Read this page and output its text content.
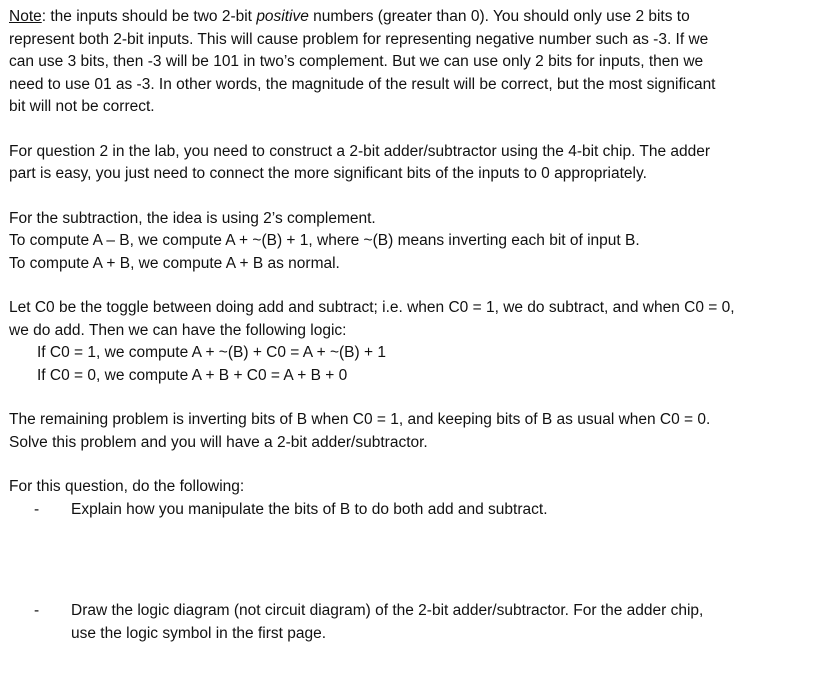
Note: the inputs should be two 2-bit positive numbers (greater than 0). You should only use 2 bits to
represent both 2-bit inputs. This will cause problem for representing negative number such as -3. If we
can use 3 bits, then -3 will be 101 in two’s complement. But we can use only 2 bits for inputs, then we
need to use 01 as -3. In other words, the magnitude of the result will be correct, but the most significant
bit will not be correct.
For question 2 in the lab, you need to construct a 2-bit adder/subtractor using the 4-bit chip. The adder
part is easy, you just need to connect the more significant bits of the inputs to 0 appropriately.
For the subtraction, the idea is using 2’s complement.
To compute A – B, we compute A + ~(B) + 1, where ~(B) means inverting each bit of input B.
To compute A + B, we compute A + B as normal.
Let C0 be the toggle between doing add and subtract; i.e. when C0 = 1, we do subtract, and when C0 = 0,
we do add. Then we can have the following logic:
If C0 = 1, we compute A + ~(B) + C0 = A + ~(B) + 1
If C0 = 0, we compute A + B + C0 = A + B + 0
The remaining problem is inverting bits of B when C0 = 1, and keeping bits of B as usual when C0 = 0.
Solve this problem and you will have a 2-bit adder/subtractor.
For this question, do the following:
-	Explain how you manipulate the bits of B to do both add and subtract.
-	Draw the logic diagram (not circuit diagram) of the 2-bit adder/subtractor. For the adder chip,
use the logic symbol in the first page.
